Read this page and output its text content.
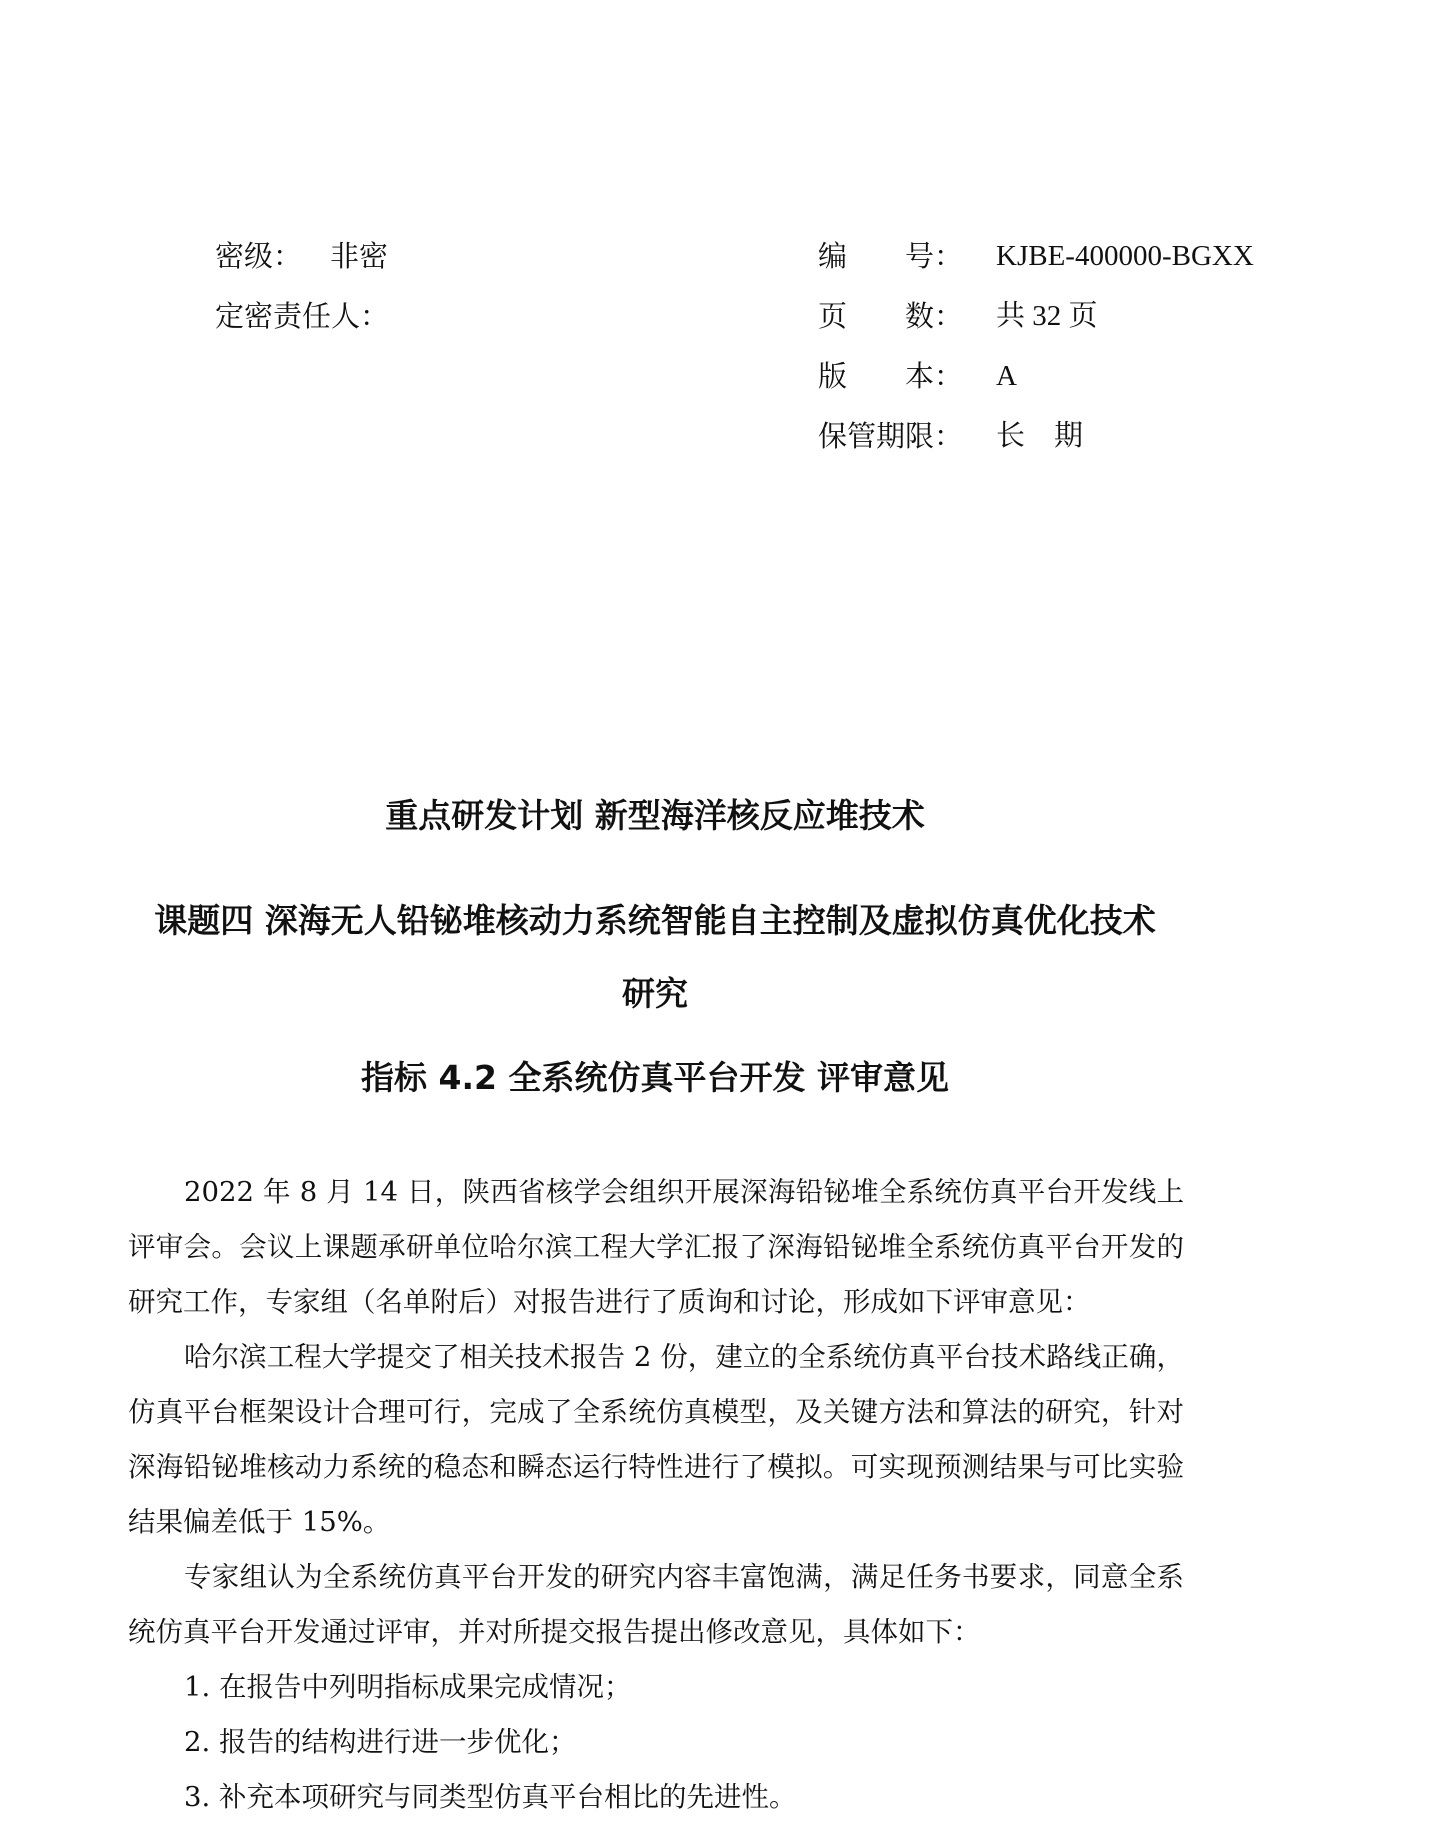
密级： 非密
定密责任人：
编　　号：	KJBE-400000-BGXX
页　　数：	共 32 页
版　　本：	A
保管期限：	长　期
重点研发计划 新型海洋核反应堆技术
课题四 深海无人铅铋堆核动力系统智能自主控制及虚拟仿真优化技术研究
指标 4.2 全系统仿真平台开发 评审意见

2022 年 8 月 14 日，陕西省核学会组织开展深海铅铋堆全系统仿真平台开发线上评审会。会议上课题承研单位哈尔滨工程大学汇报了深海铅铋堆全系统仿真平台开发的研究工作，专家组（名单附后）对报告进行了质询和讨论，形成如下评审意见：

哈尔滨工程大学提交了相关技术报告 2 份，建立的全系统仿真平台技术路线正确，仿真平台框架设计合理可行，完成了全系统仿真模型，及关键方法和算法的研究，针对深海铅铋堆核动力系统的稳态和瞬态运行特性进行了模拟。可实现预测结果与可比实验结果偏差低于 15%。

专家组认为全系统仿真平台开发的研究内容丰富饱满，满足任务书要求，同意全系统仿真平台开发通过评审，并对所提交报告提出修改意见，具体如下：

1. 在报告中列明指标成果完成情况；
2. 报告的结构进行进一步优化；
3. 补充本项研究与同类型仿真平台相比的先进性。
